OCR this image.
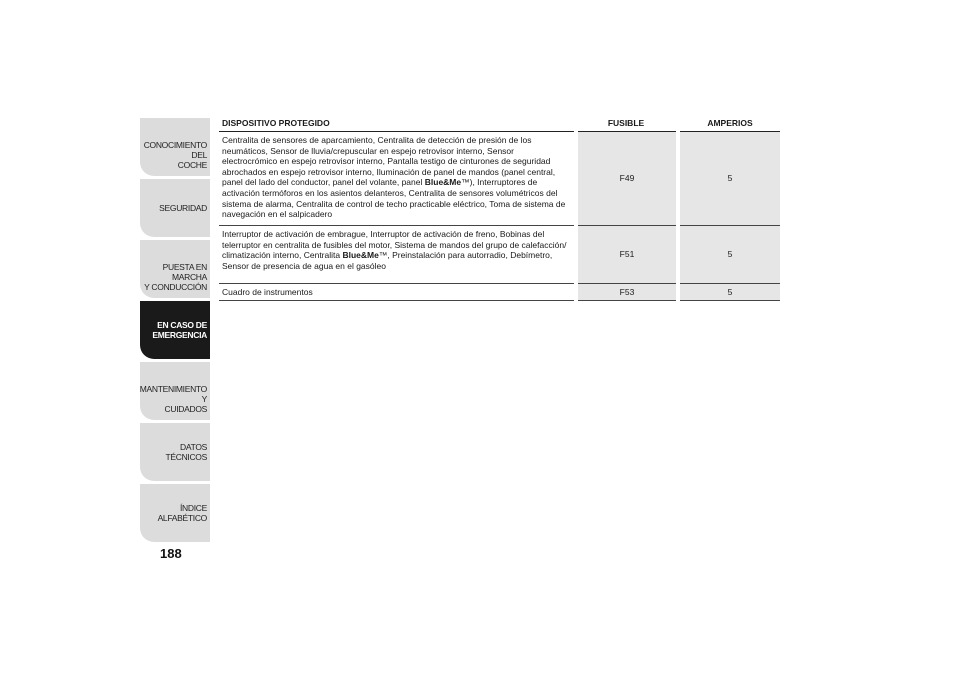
CONOCIMIENTO DEL
COCHE
SEGURIDAD
PUESTA EN MARCHA
Y CONDUCCIÓN
EN CASO DE
EMERGENCIA
MANTENIMIENTO Y
CUIDADOS
DATOS TÉCNICOS
ÍNDICE ALFABÉTICO
188
DISPOSITIVO PROTEGIDO	FUSIBLE	AMPERIOS
Centralita de sensores de aparcamiento, Centralita de detección de presión de los neumáticos, Sensor de lluvia/crepuscular en espejo retrovisor interno, Sensor electrocrómico en espejo retrovisor interno, Pantalla testigo de cinturones de seguridad abrochados en espejo retrovisor interno, Iluminación de panel de mandos (panel central, panel del lado del conductor, panel del volante, panel Blue&Me™), Interruptores de activación termóforos en los asientos delanteros, Centralita de sensores volumétricos del sistema de alarma, Centralita de control de techo practicable eléctrico, Toma de sistema de navegación en el salpicadero	F49	5
Interruptor de activación de embrague, Interruptor de activación de freno, Bobinas del telerruptor en centralita de fusibles del motor, Sistema de mandos del grupo de calefacción/ climatización interno, Centralita Blue&Me™, Preinstalación para autorradio, Debímetro, Sensor de presencia de agua en el gasóleo	F51	5
Cuadro de instrumentos	F53	5
